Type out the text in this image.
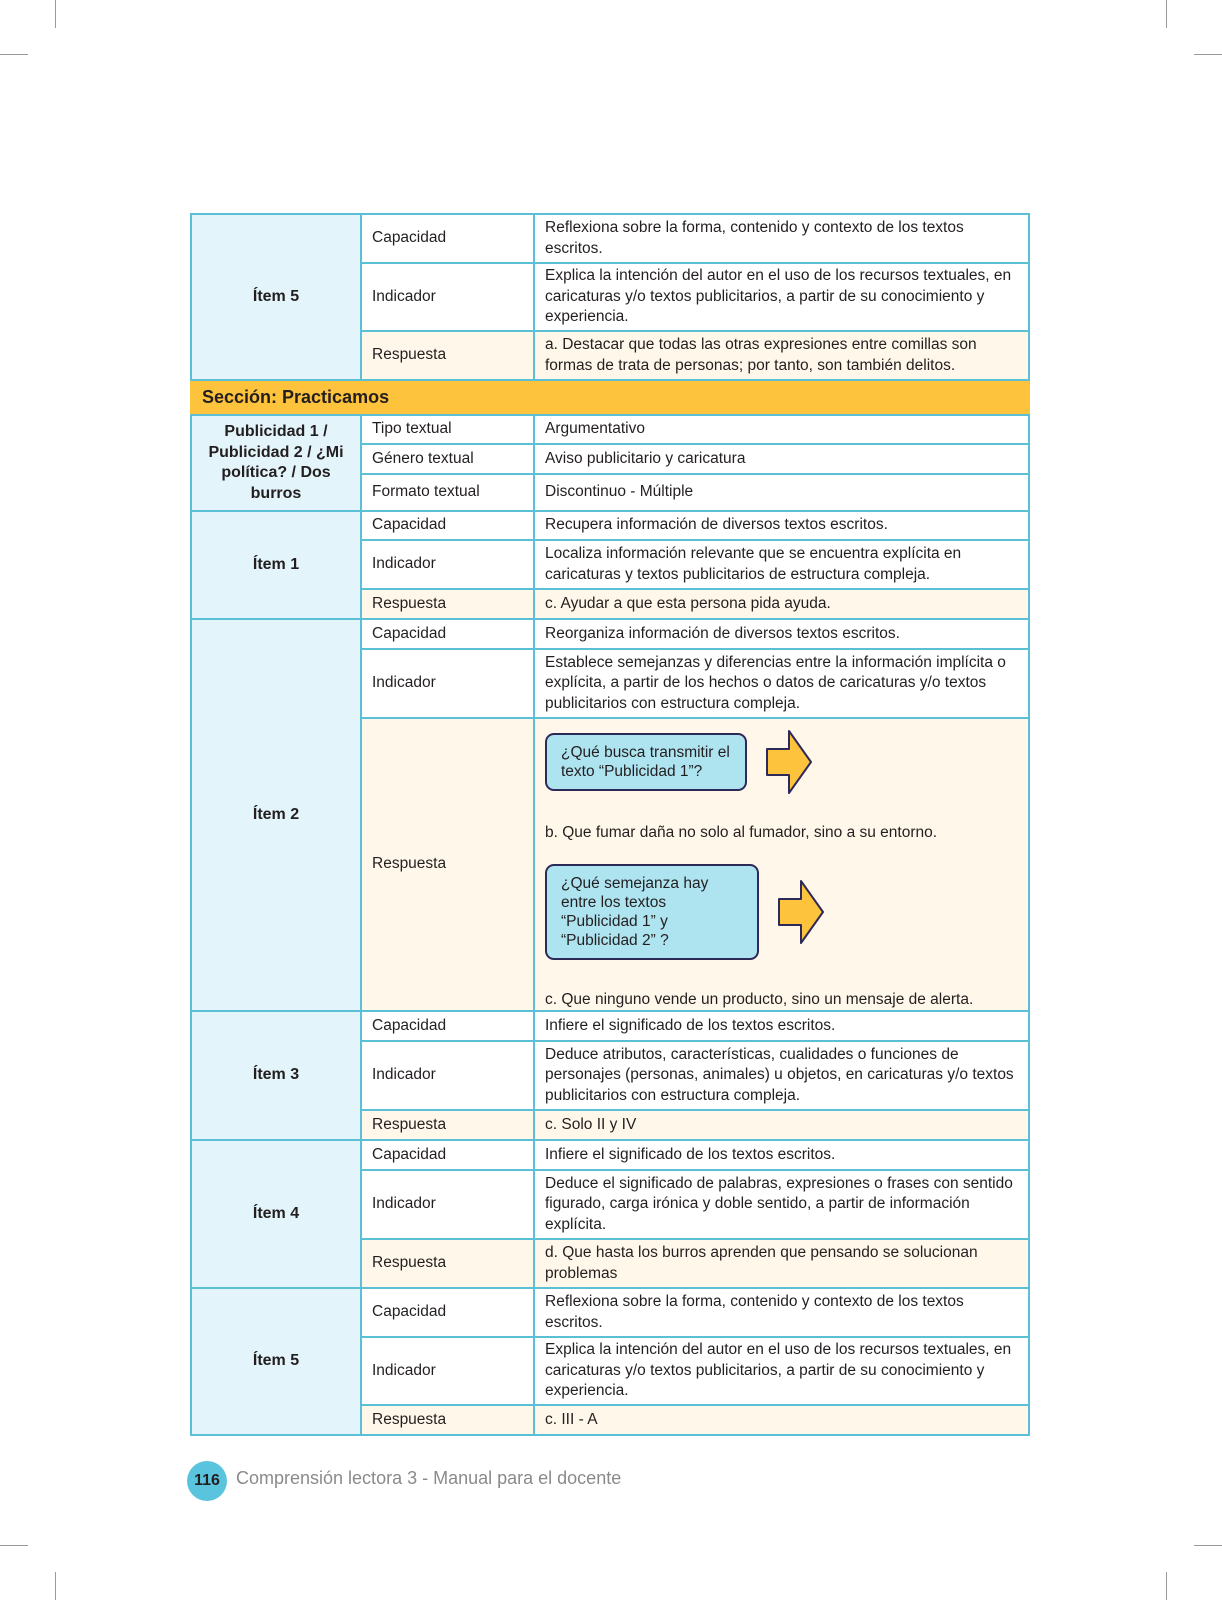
Ítem 5	Capacidad	Reflexiona sobre la forma, contenido y contexto de los textos escritos.
	Indicador	Explica la intención del autor en el uso de los recursos textuales, en caricaturas y/o textos publicitarios, a partir de su conocimiento y experiencia.
	Respuesta	a. Destacar que todas las otras expresiones entre comillas son formas de trata de personas; por tanto, son también delitos.
Sección: Practicamos		
Publicidad 1 / Publicidad 2 / ¿Mi política? / Dos burros	Tipo textual	Argumentativo
	Género textual	Aviso publicitario y caricatura
	Formato textual	Discontinuo - Múltiple
Ítem 1	Capacidad	Recupera información de diversos textos escritos.
	Indicador	Localiza información relevante que se encuentra explícita en caricaturas y textos publicitarios de estructura compleja.
	Respuesta	c. Ayudar a que esta persona pida ayuda.
Ítem 2	Capacidad	Reorganiza información de diversos textos escritos.
	Indicador	Establece semejanzas y diferencias entre la información implícita o explícita, a partir de los hechos o datos de caricaturas y/o textos publicitarios con estructura compleja.
	Respuesta	¿Qué busca transmitir el texto “Publicidad 1”?
b. Que fumar daña no solo al fumador, sino a su entorno.
¿Qué semejanza hay entre los textos “Publicidad 1” y “Publicidad 2” ?
c. Que ninguno vende un producto, sino un mensaje de alerta.

Ítem 3	Capacidad	Infiere el significado de los textos escritos.
	Indicador	Deduce atributos, características, cualidades o funciones de personajes (personas, animales) u objetos, en caricaturas y/o textos publicitarios con estructura compleja.
	Respuesta	c. Solo II y IV
Ítem 4	Capacidad	Infiere el significado de los textos escritos.
	Indicador	Deduce el significado de palabras, expresiones o frases con sentido figurado, carga irónica y doble sentido, a partir de información explícita.
	Respuesta	d. Que hasta los burros aprenden que pensando se solucionan problemas
Ítem 5	Capacidad	Reflexiona sobre la forma, contenido y contexto de los textos escritos.
	Indicador	Explica la intención del autor en el uso de los recursos textuales, en caricaturas y/o textos publicitarios, a partir de su conocimiento y experiencia.
	Respuesta	c. III - A
116 Comprensión lectora 3 - Manual para el docente
